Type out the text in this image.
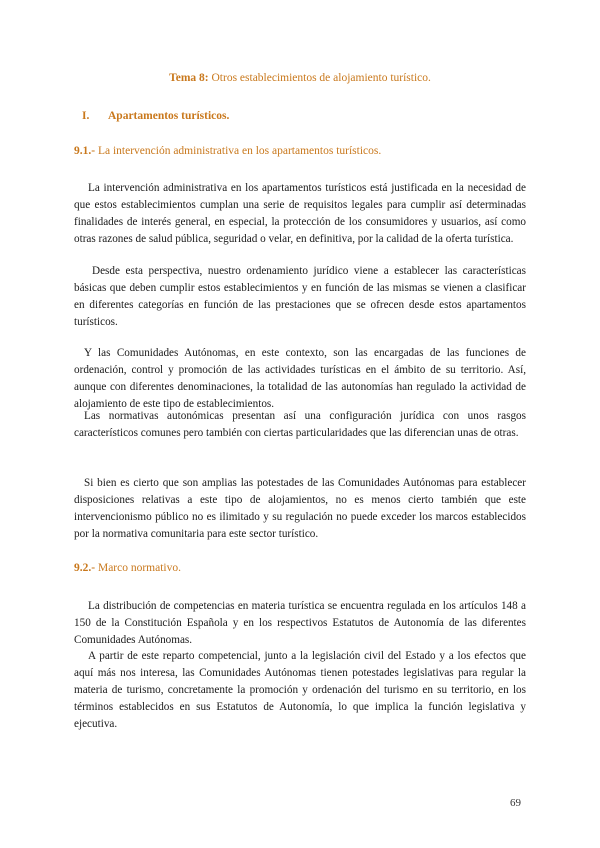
Tema 8: Otros establecimientos de alojamiento turístico.
I. Apartamentos turísticos.
9.1.- La intervención administrativa en los apartamentos turísticos.

La intervención administrativa en los apartamentos turísticos está justificada en la necesidad de que estos establecimientos cumplan una serie de requisitos legales para cumplir así determinadas finalidades de interés general, en especial, la protección de los consumidores y usuarios, así como otras razones de salud pública, seguridad o velar, en definitiva, por la calidad de la oferta turística.

Desde esta perspectiva, nuestro ordenamiento jurídico viene a establecer las características básicas que deben cumplir estos establecimientos y en función de las mismas se vienen a clasificar en diferentes categorías en función de las prestaciones que se ofrecen desde estos apartamentos turísticos.

Y las Comunidades Autónomas, en este contexto, son las encargadas de las funciones de ordenación, control y promoción de las actividades turísticas en el ámbito de su territorio. Así, aunque con diferentes denominaciones, la totalidad de las autonomías han regulado la actividad de alojamiento de este tipo de establecimientos.

Las normativas autonómicas presentan así una configuración jurídica con unos rasgos característicos comunes pero también con ciertas particularidades que las diferencian unas de otras.

Si bien es cierto que son amplias las potestades de las Comunidades Autónomas para establecer disposiciones relativas a este tipo de alojamientos, no es menos cierto también que este intervencionismo público no es ilimitado y su regulación no puede exceder los marcos establecidos por la normativa comunitaria para este sector turístico.

9.2.- Marco normativo.

La distribución de competencias en materia turística se encuentra regulada en los artículos 148 a 150 de la Constitución Española y en los respectivos Estatutos de Autonomía de las diferentes Comunidades Autónomas.

A partir de este reparto competencial, junto a la legislación civil del Estado y a los efectos que aquí más nos interesa, las Comunidades Autónomas tienen potestades legislativas para regular la materia de turismo, concretamente la promoción y ordenación del turismo en su territorio, en los términos establecidos en sus Estatutos de Autonomía, lo que implica la función legislativa y ejecutiva.

69
